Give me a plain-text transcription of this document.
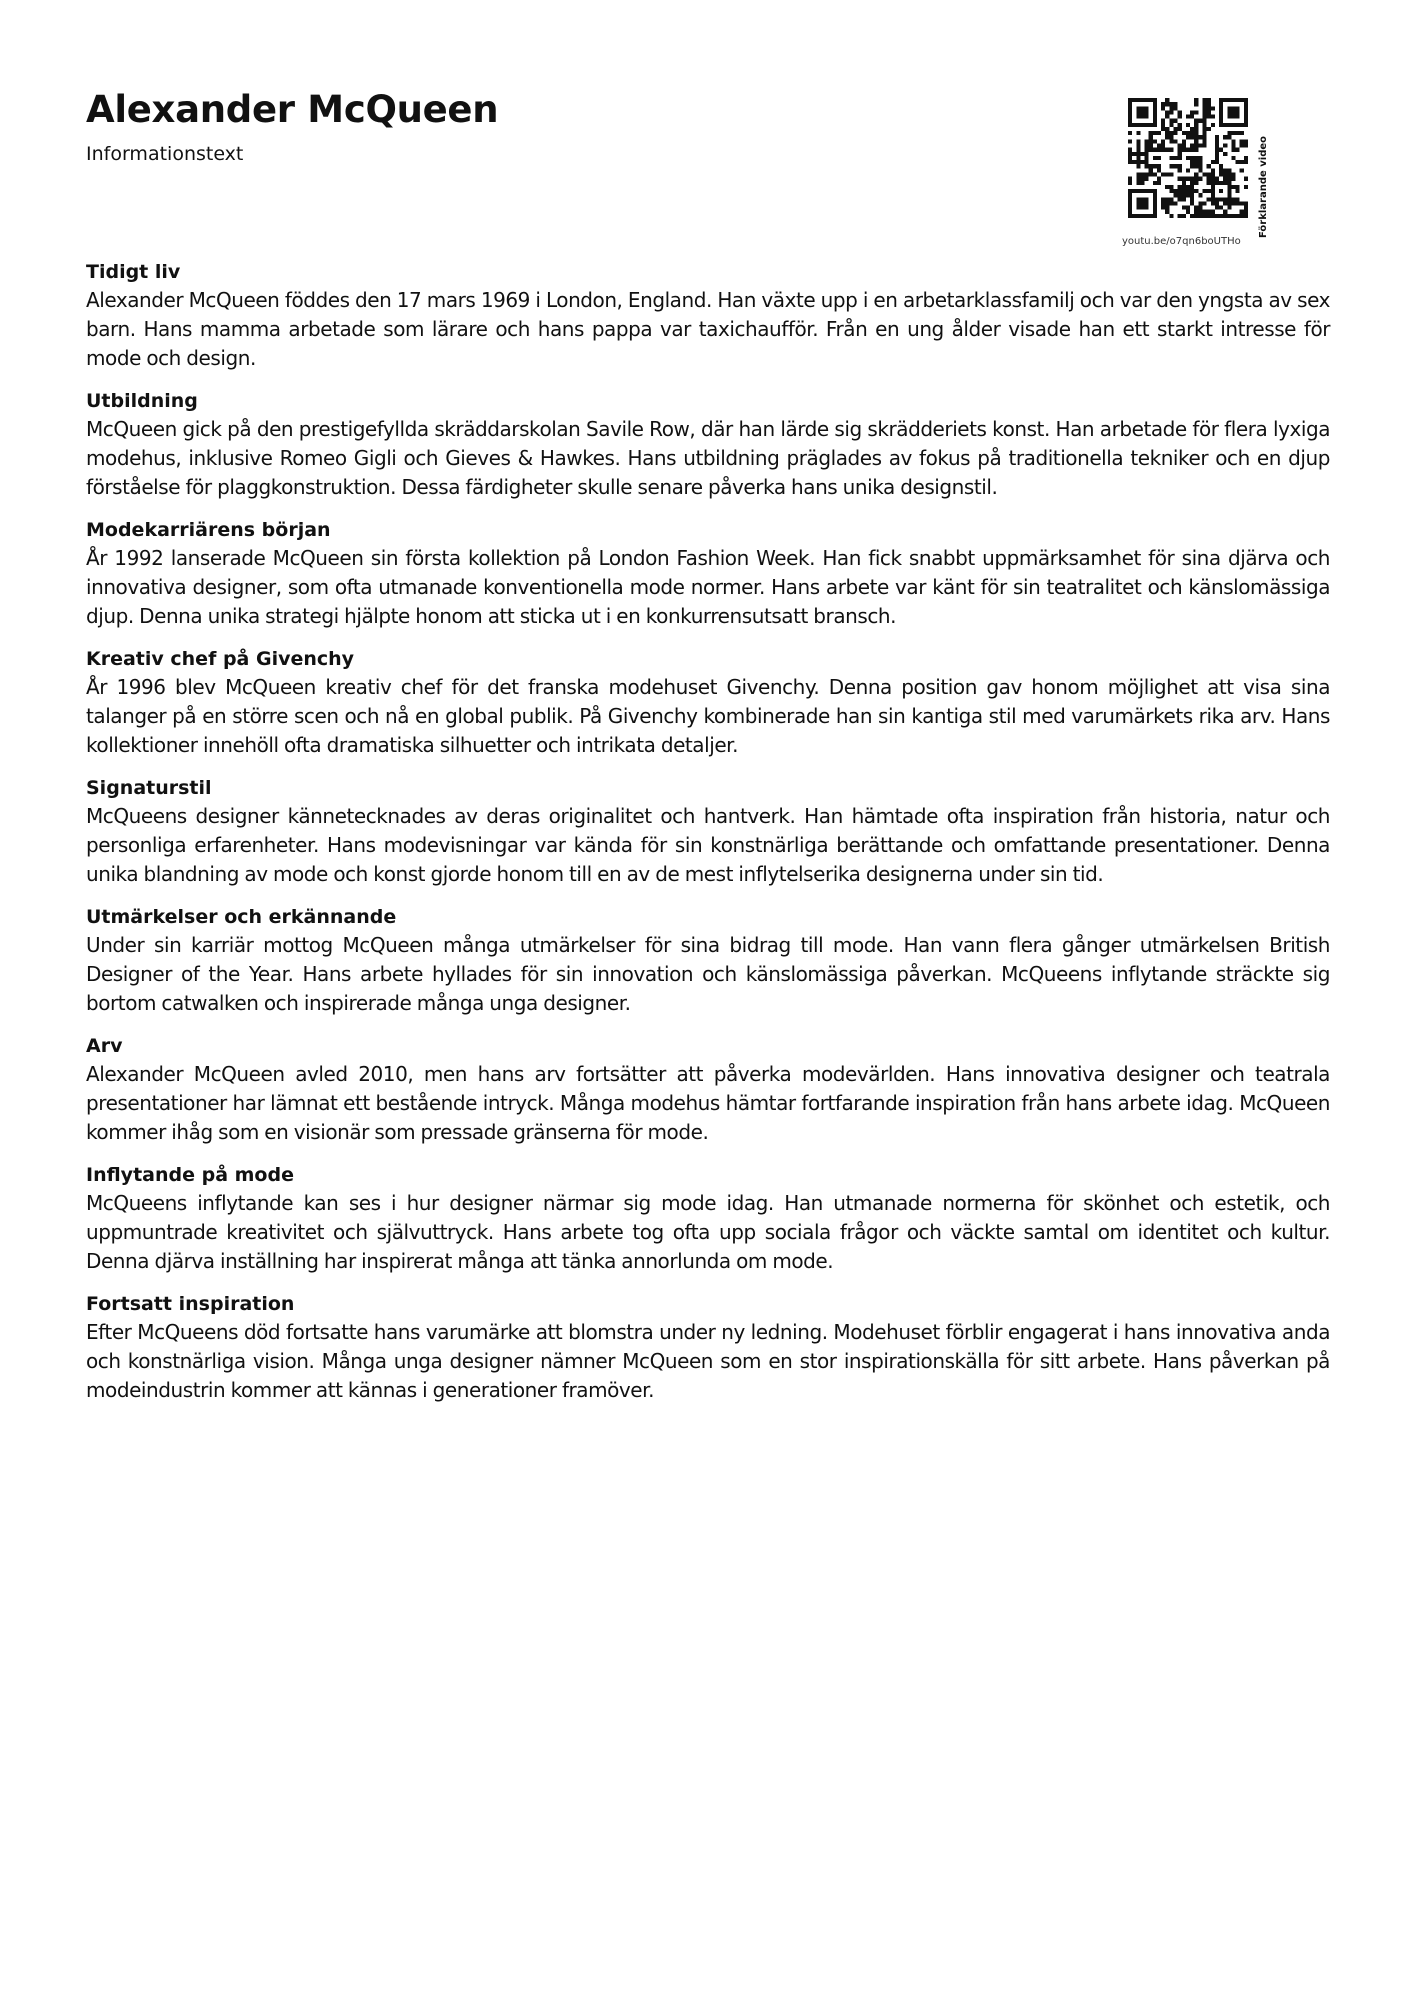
Alexander McQueen
Informationstext	Förklarande video
youtu.be/o7qn6boUTHo
Tidigt liv

Alexander McQueen föddes den 17 mars 1969 i London, England. Han växte upp i en arbetarklassfamilj och var den yngsta av sex barn. Hans mamma arbetade som lärare och hans pappa var taxichaufför. Från en ung ålder visade han ett starkt intresse för mode och design.

Utbildning

McQueen gick på den prestigefyllda skräddarskolan Savile Row, där han lärde sig skrädderiets konst. Han arbetade för flera lyxiga modehus, inklusive Romeo Gigli och Gieves & Hawkes. Hans utbildning präglades av fokus på traditionella tekniker och en djup förståelse för plaggkonstruktion. Dessa färdigheter skulle senare påverka hans unika designstil.

Modekarriärens början

År 1992 lanserade McQueen sin första kollektion på London Fashion Week. Han fick snabbt uppmärksamhet för sina djärva och innovativa designer, som ofta utmanade konventionella mode normer. Hans arbete var känt för sin teatralitet och känslomässiga djup. Denna unika strategi hjälpte honom att sticka ut i en konkurrensutsatt bransch.

Kreativ chef på Givenchy

År 1996 blev McQueen kreativ chef för det franska modehuset Givenchy. Denna position gav honom möjlighet att visa sina talanger på en större scen och nå en global publik. På Givenchy kombinerade han sin kantiga stil med varumärkets rika arv. Hans kollektioner innehöll ofta dramatiska silhuetter och intrikata detaljer.

Signaturstil

McQueens designer kännetecknades av deras originalitet och hantverk. Han hämtade ofta inspiration från historia, natur och personliga erfarenheter. Hans modevisningar var kända för sin konstnärliga berättande och omfattande presentationer. Denna unika blandning av mode och konst gjorde honom till en av de mest inflytelserika designerna under sin tid.

Utmärkelser och erkännande

Under sin karriär mottog McQueen många utmärkelser för sina bidrag till mode. Han vann flera gånger utmärkelsen British Designer of the Year. Hans arbete hyllades för sin innovation och känslomässiga påverkan. McQueens inflytande sträckte sig bortom catwalken och inspirerade många unga designer.

Arv

Alexander McQueen avled 2010, men hans arv fortsätter att påverka modevärlden. Hans innovativa designer och teatrala presentationer har lämnat ett bestående intryck. Många modehus hämtar fortfarande inspiration från hans arbete idag. McQueen kommer ihåg som en visionär som pressade gränserna för mode.

Inflytande på mode

McQueens inflytande kan ses i hur designer närmar sig mode idag. Han utmanade normerna för skönhet och estetik, och uppmuntrade kreativitet och självuttryck. Hans arbete tog ofta upp sociala frågor och väckte samtal om identitet och kultur. Denna djärva inställning har inspirerat många att tänka annorlunda om mode.

Fortsatt inspiration

Efter McQueens död fortsatte hans varumärke att blomstra under ny ledning. Modehuset förblir engagerat i hans innovativa anda och konstnärliga vision. Många unga designer nämner McQueen som en stor inspirationskälla för sitt arbete. Hans påverkan på modeindustrin kommer att kännas i generationer framöver.
